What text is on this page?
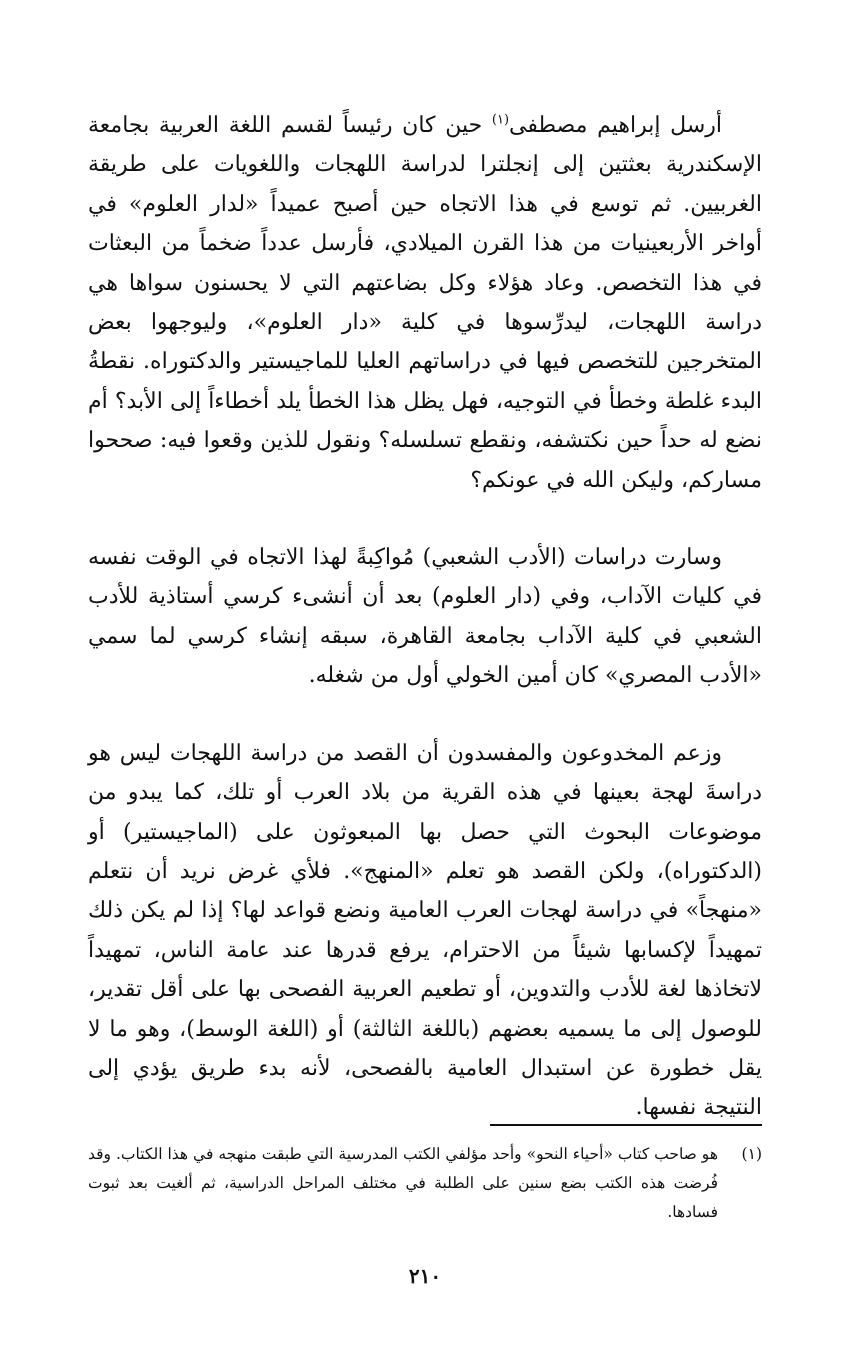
أرسل إبراهيم مصطفى$^{(١)}$ حين كان رئيساً لقسم اللغة العربية بجامعة الإسكندرية بعثتين إلى إنجلترا لدراسة اللهجات واللغويات على طريقة الغربيين. ثم توسع في هذا الاتجاه حين أصبح عميداً «لدار العلوم» في أواخر الأربعينيات من هذا القرن الميلادي، فأرسل عدداً ضخماً من البعثات في هذا التخصص. وعاد هؤلاء وكل بضاعتهم التي لا يحسنون سواها هي دراسة اللهجات، ليدرِّسوها في كلية «دار العلوم»، وليوجهوا بعض المتخرجين للتخصص فيها في دراساتهم العليا للماجيستير والدكتوراه. نقطةُ البدء غلطة وخطأ في التوجيه، فهل يظل هذا الخطأ يلد أخطاءاً إلى الأبد؟ أم نضع له حداً حين نكتشفه، ونقطع تسلسله؟ ونقول للذين وقعوا فيه: صححوا مساركم، وليكن الله في عونكم؟

وسارت دراسات (الأدب الشعبي) مُواكِبةً لهذا الاتجاه في الوقت نفسه في كليات الآداب، وفي (دار العلوم) بعد أن أنشىء كرسي أستاذية للأدب الشعبي في كلية الآداب بجامعة القاهرة، سبقه إنشاء كرسي لما سمي «الأدب المصري» كان أمين الخولي أول من شغله.

وزعم المخدوعون والمفسدون أن القصد من دراسة اللهجات ليس هو دراسةَ لهجة بعينها في هذه القرية من بلاد العرب أو تلك، كما يبدو من موضوعات البحوث التي حصل بها المبعوثون على (الماجيستير) أو (الدكتوراه)، ولكن القصد هو تعلم «المنهج». فلأي غرض نريد أن نتعلم «منهجاً» في دراسة لهجات العرب العامية ونضع قواعد لها؟ إذا لم يكن ذلك تمهيداً لإكسابها شيئاً من الاحترام، يرفع قدرها عند عامة الناس، تمهيداً لاتخاذها لغة للأدب والتدوين، أو تطعيم العربية الفصحى بها على أقل تقدير، للوصول إلى ما يسميه بعضهم (باللغة الثالثة) أو (اللغة الوسط)، وهو ما لا يقل خطورة عن استبدال العامية بالفصحى، لأنه بدء طريق يؤدي إلى النتيجة نفسها.

(١)

هو صاحب كتاب «أحياء النحو» وأحد مؤلفي الكتب المدرسية التي طبقت منهجه في هذا الكتاب. وقد فُرضت هذه الكتب بضع سنين على الطلبة في مختلف المراحل الدراسية، ثم ألغيت بعد ثبوت فسادها.

٢١٠
